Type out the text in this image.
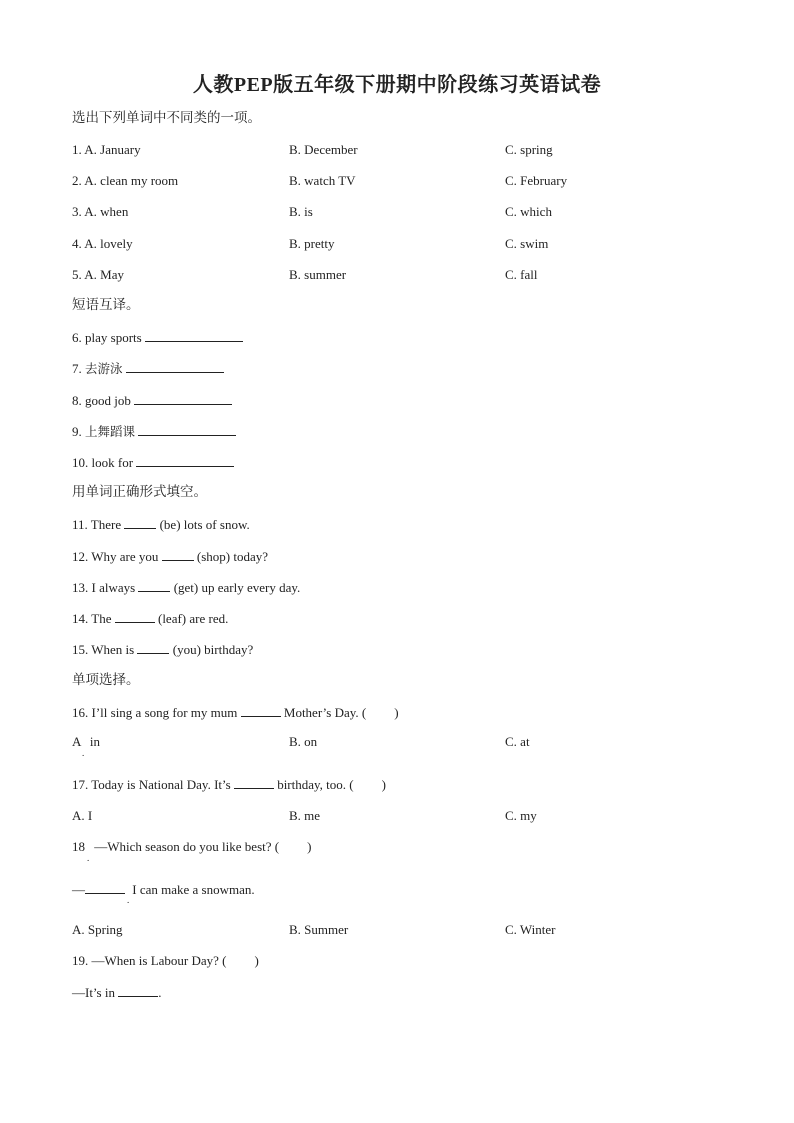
人教PEP版五年级下册期中阶段练习英语试卷
选出下列单词中不同类的一项。
1. A. January	B. December	C. spring
2. A. clean my room	B. watch TV	C. February
3. A. when	B. is	C. which
4. A. lovely	B. pretty	C. swim
5. A. May	B. summer	C. fall
短语互译。
6. play sports
7. 去游泳
8. good job
9. 上舞蹈课
10. look for
用单词正确形式填空。
11. There	(be) lots of snow.
12. Why are you	(shop) today?
13. I always	(get) up early every day.
14. The	(leaf) are red.
15. When is	(you) birthday?
单项选择。
16. I’ll sing a song for my mum	Mother’s Day. ( )
A in
.
B. on	C. at
17. Today is National Day. It’s	birthday, too. ( )
A. I	B. me	C. my
18 —Which season do you like best? ( )
.
—	I can make a snowman.
.
A. Spring	B. Summer	C. Winter
19. —When is Labour Day? ( )
—It’s in	.
